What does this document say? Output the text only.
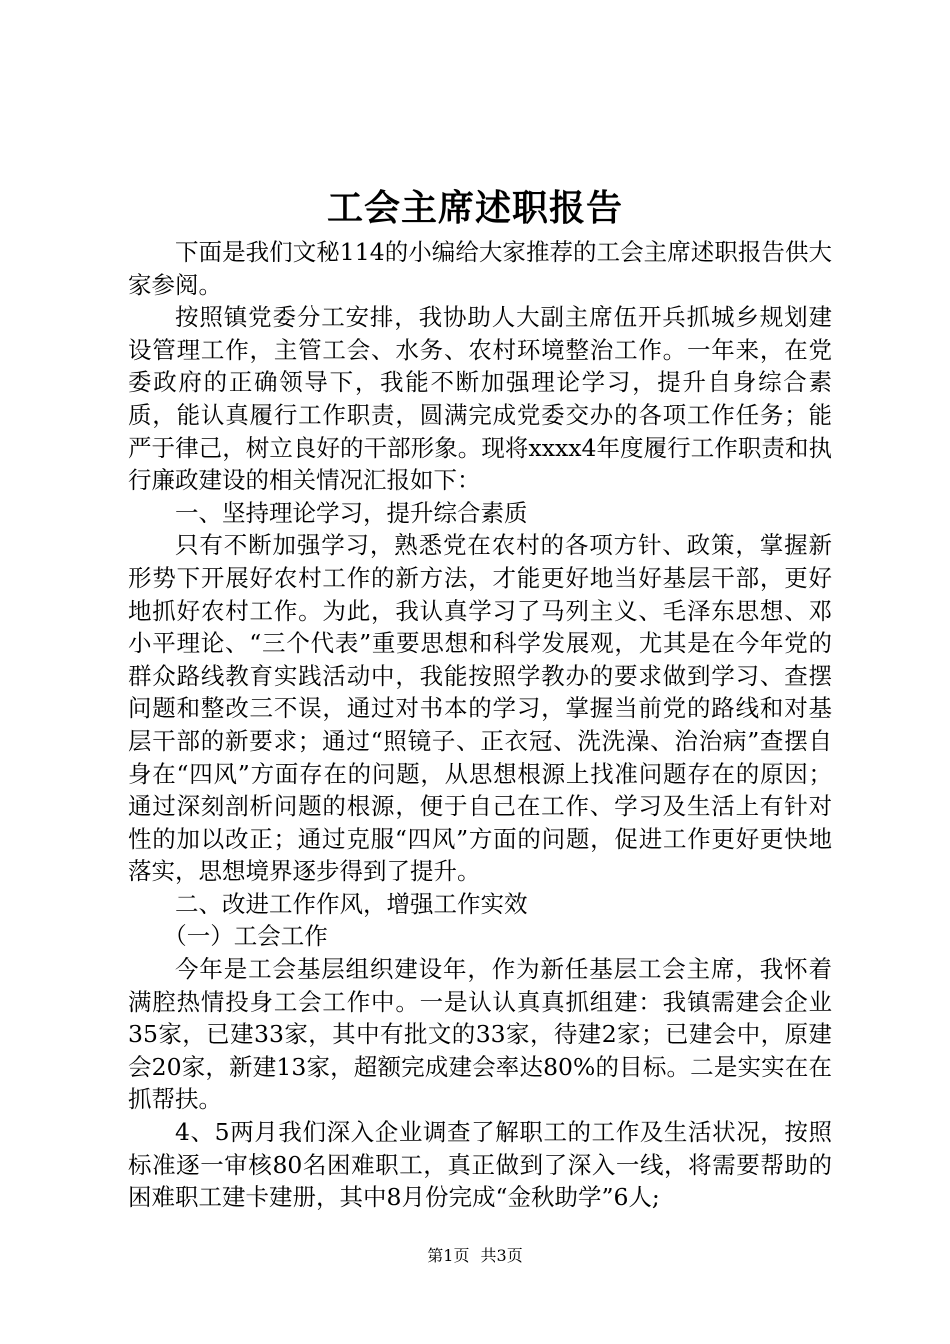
工会主席述职报告

下面是我们文秘114的小编给大家推荐的工会主席述职报告供大家参阅。

按照镇党委分工安排，我协助人大副主席伍开兵抓城乡规划建设管理工作，主管工会、水务、农村环境整治工作。一年来，在党委政府的正确领导下，我能不断加强理论学习，提升自身综合素质，能认真履行工作职责，圆满完成党委交办的各项工作任务；能严于律己，树立良好的干部形象。现将xxxx4年度履行工作职责和执行廉政建设的相关情况汇报如下：

一、坚持理论学习，提升综合素质

只有不断加强学习，熟悉党在农村的各项方针、政策，掌握新形势下开展好农村工作的新方法，才能更好地当好基层干部，更好地抓好农村工作。为此，我认真学习了马列主义、毛泽东思想、邓小平理论、“三个代表”重要思想和科学发展观，尤其是在今年党的群众路线教育实践活动中，我能按照学教办的要求做到学习、查摆问题和整改三不误，通过对书本的学习，掌握当前党的路线和对基层干部的新要求；通过“照镜子、正衣冠、洗洗澡、治治病”查摆自身在“四风”方面存在的问题，从思想根源上找准问题存在的原因；通过深刻剖析问题的根源，便于自己在工作、学习及生活上有针对性的加以改正；通过克服“四风”方面的问题，促进工作更好更快地落实，思想境界逐步得到了提升。

二、改进工作作风，增强工作实效

（一）工会工作

今年是工会基层组织建设年，作为新任基层工会主席，我怀着满腔热情投身工会工作中。一是认认真真抓组建：我镇需建会企业35家，已建33家，其中有批文的33家，待建2家；已建会中，原建会20家，新建13家，超额完成建会率达80%的目标。二是实实在在抓帮扶。

4、5两月我们深入企业调查了解职工的工作及生活状况，按照标准逐一审核80名困难职工，真正做到了深入一线，将需要帮助的困难职工建卡建册，其中8月份完成“金秋助学”6人;

第1页 共3页
